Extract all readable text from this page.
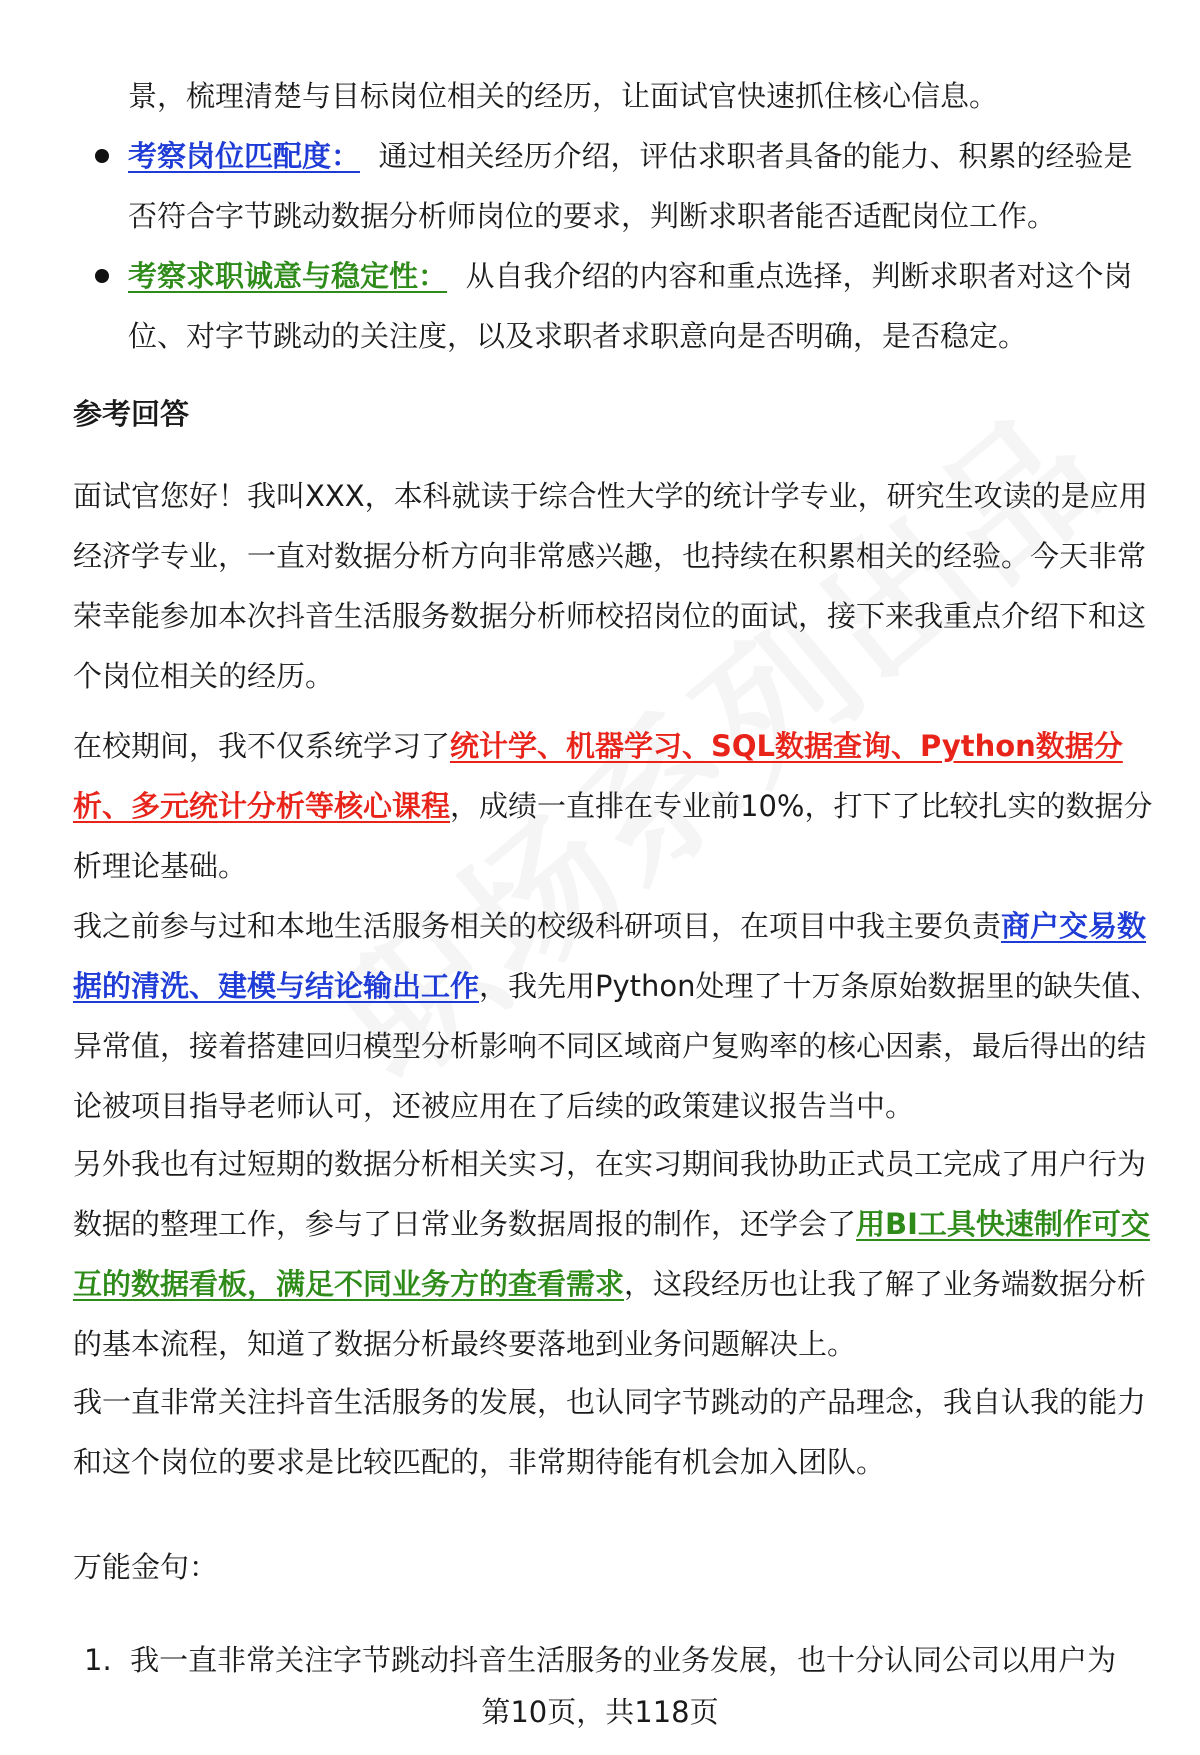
景，梳理清楚与目标岗位相关的经历，让面试官快速抓住核心信息。
考察岗位匹配度： 通过相关经历介绍，评估求职者具备的能力、积累的经验是否符合字节跳动数据分析师岗位的要求，判断求职者能否适配岗位工作。
考察求职诚意与稳定性： 从自我介绍的内容和重点选择，判断求职者对这个岗位、对字节跳动的关注度，以及求职者求职意向是否明确，是否稳定。
参考回答

面试官您好！我叫XXX，本科就读于综合性大学的统计学专业，研究生攻读的是应用经济学专业，一直对数据分析方向非常感兴趣，也持续在积累相关的经验。今天非常荣幸能参加本次抖音生活服务数据分析师校招岗位的面试，接下来我重点介绍下和这个岗位相关的经历。

在校期间，我不仅系统学习了统计学、机器学习、SQL数据查询、Python数据分析、多元统计分析等核心课程，成绩一直排在专业前10%，打下了比较扎实的数据分析理论基础。

我之前参与过和本地生活服务相关的校级科研项目，在项目中我主要负责商户交易数据的清洗、建模与结论输出工作，我先用Python处理了十万条原始数据里的缺失值、异常值，接着搭建回归模型分析影响不同区域商户复购率的核心因素，最后得出的结论被项目指导老师认可，还被应用在了后续的政策建议报告当中。

另外我也有过短期的数据分析相关实习，在实习期间我协助正式员工完成了用户行为数据的整理工作，参与了日常业务数据周报的制作，还学会了用BI工具快速制作可交互的数据看板，满足不同业务方的查看需求，这段经历也让我了解了业务端数据分析的基本流程，知道了数据分析最终要落地到业务问题解决上。

我一直非常关注抖音生活服务的发展，也认同字节跳动的产品理念，我自认我的能力和这个岗位的要求是比较匹配的，非常期待能有机会加入团队。

万能金句：
1. 我一直非常关注字节跳动抖音生活服务的业务发展，也十分认同公司以用户为
第10页，共118页
